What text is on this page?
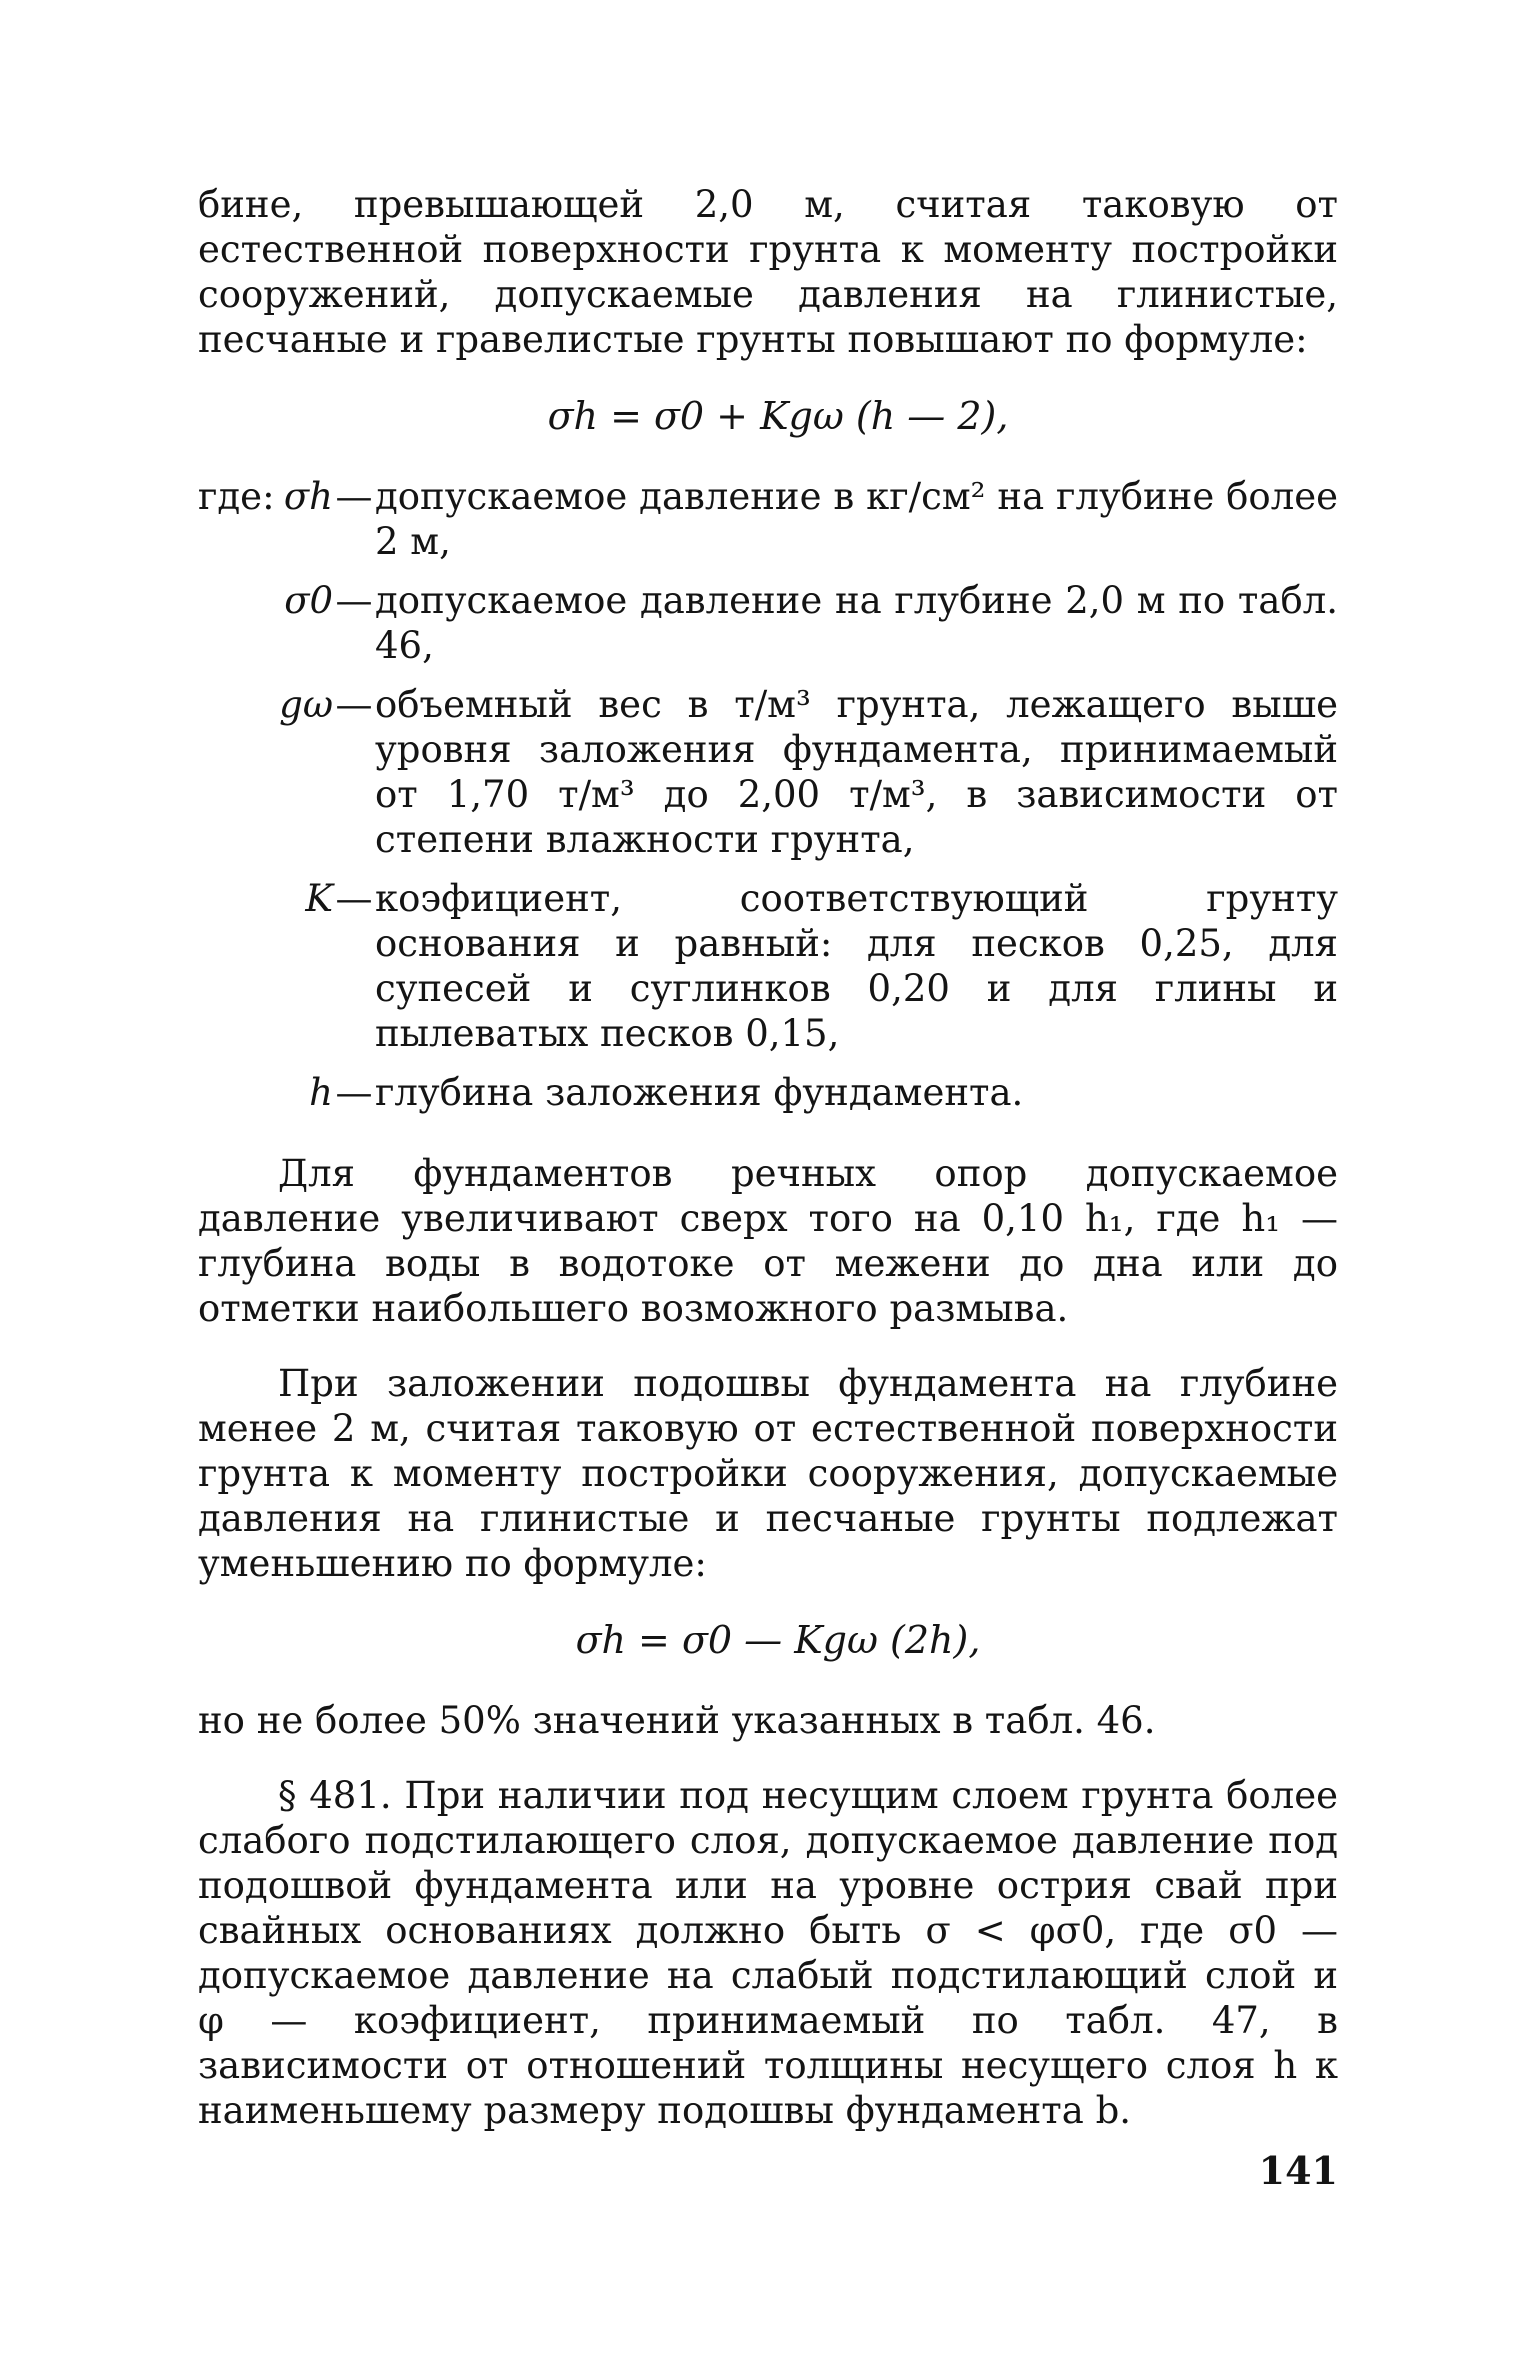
бине, превышающей 2,0 м, считая таковую от естественной поверхности грунта к моменту постройки сооружений, допускаемые давления на глинистые, песчаные и гравелистые грунты повышают по формуле:

σh = σ0 + Kgω (h — 2),
где: σh — допускаемое давление в кг/см² на глубине более 2 м,
σ0 — допускаемое давление на глубине 2,0 м по табл. 46,
gω — объемный вес в т/м³ грунта, лежащего выше уровня заложения фундамента, принимаемый от 1,70 т/м³ до 2,00 т/м³, в зависимости от степени влажности грунта,
K — коэфициент, соответствующий грунту основания и равный: для песков 0,25, для супесей и суглинков 0,20 и для глины и пылеватых песков 0,15,
h — глубина заложения фундамента.

Для фундаментов речных опор допускаемое давление увеличивают сверх того на 0,10 h₁, где h₁ — глубина воды в водотоке от межени до дна или до отметки наибольшего возможного размыва.

При заложении подошвы фундамента на глубине менее 2 м, считая таковую от естественной поверхности грунта к моменту постройки сооружения, допускаемые давления на глинистые и песчаные грунты подлежат уменьшению по формуле:

σh = σ0 — Kgω (2h),

но не более 50% значений указанных в табл. 46.

§ 481. При наличии под несущим слоем грунта более слабого подстилающего слоя, допускаемое давление под подошвой фундамента или на уровне острия свай при свайных основаниях должно быть σ < φσ0, где σ0 — допускаемое давление на слабый подстилающий слой и φ — коэфициент, принимаемый по табл. 47, в зависимости от отношений толщины несущего слоя h к наименьшему размеру подошвы фундамента b.

141
